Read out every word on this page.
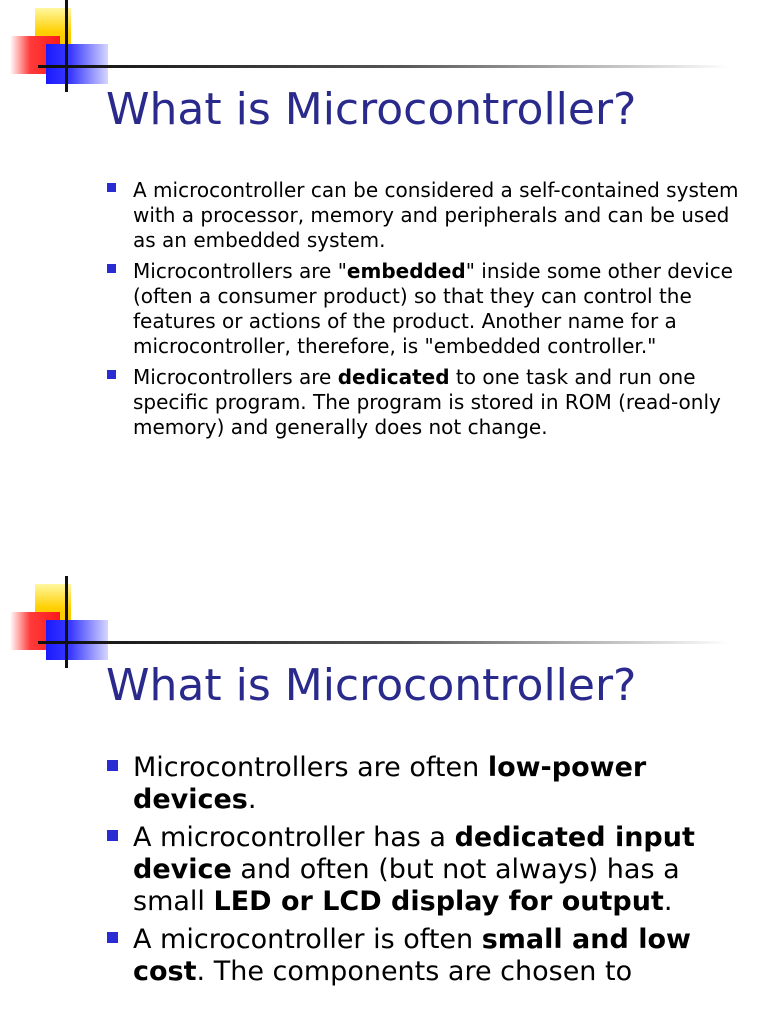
What is Microcontroller?
A microcontroller can be considered a self-contained system with a processor, memory and peripherals and can be used as an embedded system.
Microcontrollers are "embedded" inside some other device (often a consumer product) so that they can control the features or actions of the product. Another name for a microcontroller, therefore, is "embedded controller."
Microcontrollers are dedicated to one task and run one specific program. The program is stored in ROM (read-only memory) and generally does not change.
What is Microcontroller?
Microcontrollers are often low-power devices.
A microcontroller has a dedicated input device and often (but not always) has a small LED or LCD display for output.
A microcontroller is often small and low cost. The components are chosen to
